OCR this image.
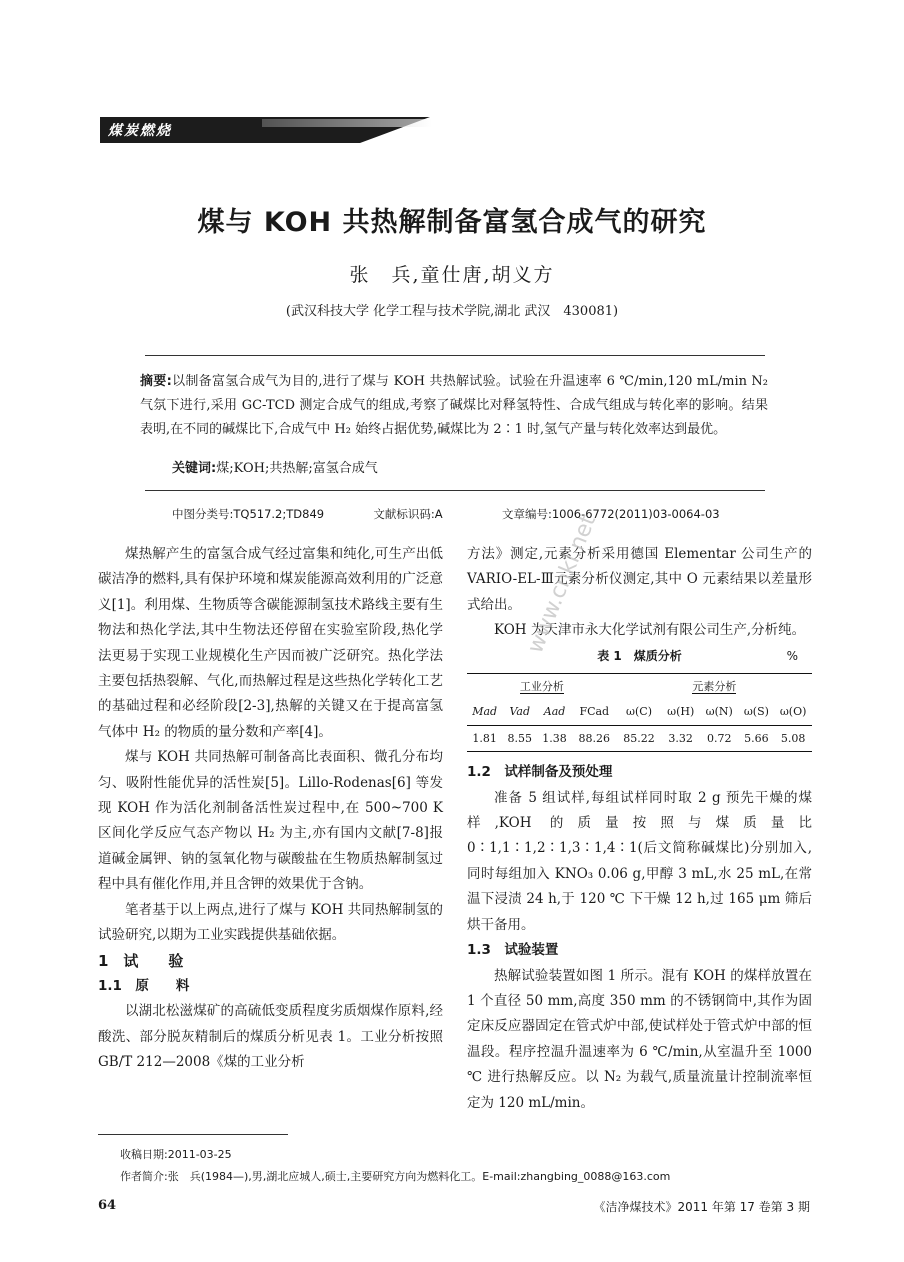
煤炭燃烧
煤与 KOH 共热解制备富氢合成气的研究
张　兵,童仕唐,胡义方
(武汉科技大学 化学工程与技术学院,湖北 武汉　430081)
摘要:以制备富氢合成气为目的,进行了煤与 KOH 共热解试验。试验在升温速率 6 ℃/min,120 mL/min N₂ 气氛下进行,采用 GC-TCD 测定合成气的组成,考察了碱煤比对释氢特性、合成气组成与转化率的影响。结果表明,在不同的碱煤比下,合成气中 H₂ 始终占据优势,碱煤比为 2∶1 时,氢气产量与转化效率达到最优。
关键词:煤;KOH;共热解;富氢合成气
中图分类号:TQ517.2;TD849	文献标识码:A	文章编号:1006-6772(2011)03-0064-03

煤热解产生的富氢合成气经过富集和纯化,可生产出低碳洁净的燃料,具有保护环境和煤炭能源高效利用的广泛意义[1]。利用煤、生物质等含碳能源制氢技术路线主要有生物法和热化学法,其中生物法还停留在实验室阶段,热化学法更易于实现工业规模化生产因而被广泛研究。热化学法主要包括热裂解、气化,而热解过程是这些热化学转化工艺的基础过程和必经阶段[2-3],热解的关键又在于提高富氢气体中 H₂ 的物质的量分数和产率[4]。

煤与 KOH 共同热解可制备高比表面积、微孔分布均匀、吸附性能优异的活性炭[5]。Lillo-Rodenas[6] 等发现 KOH 作为活化剂制备活性炭过程中,在 500~700 K 区间化学反应气态产物以 H₂ 为主,亦有国内文献[7-8]报道碱金属钾、钠的氢氧化物与碳酸盐在生物质热解制氢过程中具有催化作用,并且含钾的效果优于含钠。

笔者基于以上两点,进行了煤与 KOH 共同热解制氢的试验研究,以期为工业实践提供基础依据。

1　试　　验

1.1　原　　料

以湖北松滋煤矿的高硫低变质程度劣质烟煤作原料,经酸洗、部分脱灰精制后的煤质分析见表 1。工业分析按照 GB/T 212—2008《煤的工业分析

方法》测定,元素分析采用德国 Elementar 公司生产的 VARIO-EL-Ⅲ元素分析仪测定,其中 O 元素结果以差量形式给出。

KOH 为天津市永大化学试剂有限公司生产,分析纯。

表 1　煤质分析	%
工业分析				元素分析				
Mad	Vad	Aad	FCad	ω(C)	ω(H)	ω(N)	ω(S)	ω(O)
1.81	8.55	1.38	88.26	85.22	3.32	0.72	5.66	5.08

1.2　试样制备及预处理

准备 5 组试样,每组试样同时取 2 g 预先干燥的煤样,KOH 的质量按照与煤质量比 0∶1,1∶1,2∶1,3∶1,4∶1(后文简称碱煤比)分别加入,同时每组加入 KNO₃ 0.06 g,甲醇 3 mL,水 25 mL,在常温下浸渍 24 h,于 120 ℃ 下干燥 12 h,过 165 μm 筛后烘干备用。

1.3　试验装置

热解试验装置如图 1 所示。混有 KOH 的煤样放置在 1 个直径 50 mm,高度 350 mm 的不锈钢筒中,其作为固定床反应器固定在管式炉中部,使试样处于管式炉中部的恒温段。程序控温升温速率为 6 ℃/min,从室温升至 1000 ℃ 进行热解反应。以 N₂ 为载气,质量流量计控制流率恒定为 120 mL/min。

www.cnki.net
收稿日期:2011-03-25
作者简介:张　兵(1984—),男,湖北应城人,硕士,主要研究方向为燃料化工。E-mail:zhangbing_0088@163.com
64	《洁净煤技术》2011 年第 17 卷第 3 期
